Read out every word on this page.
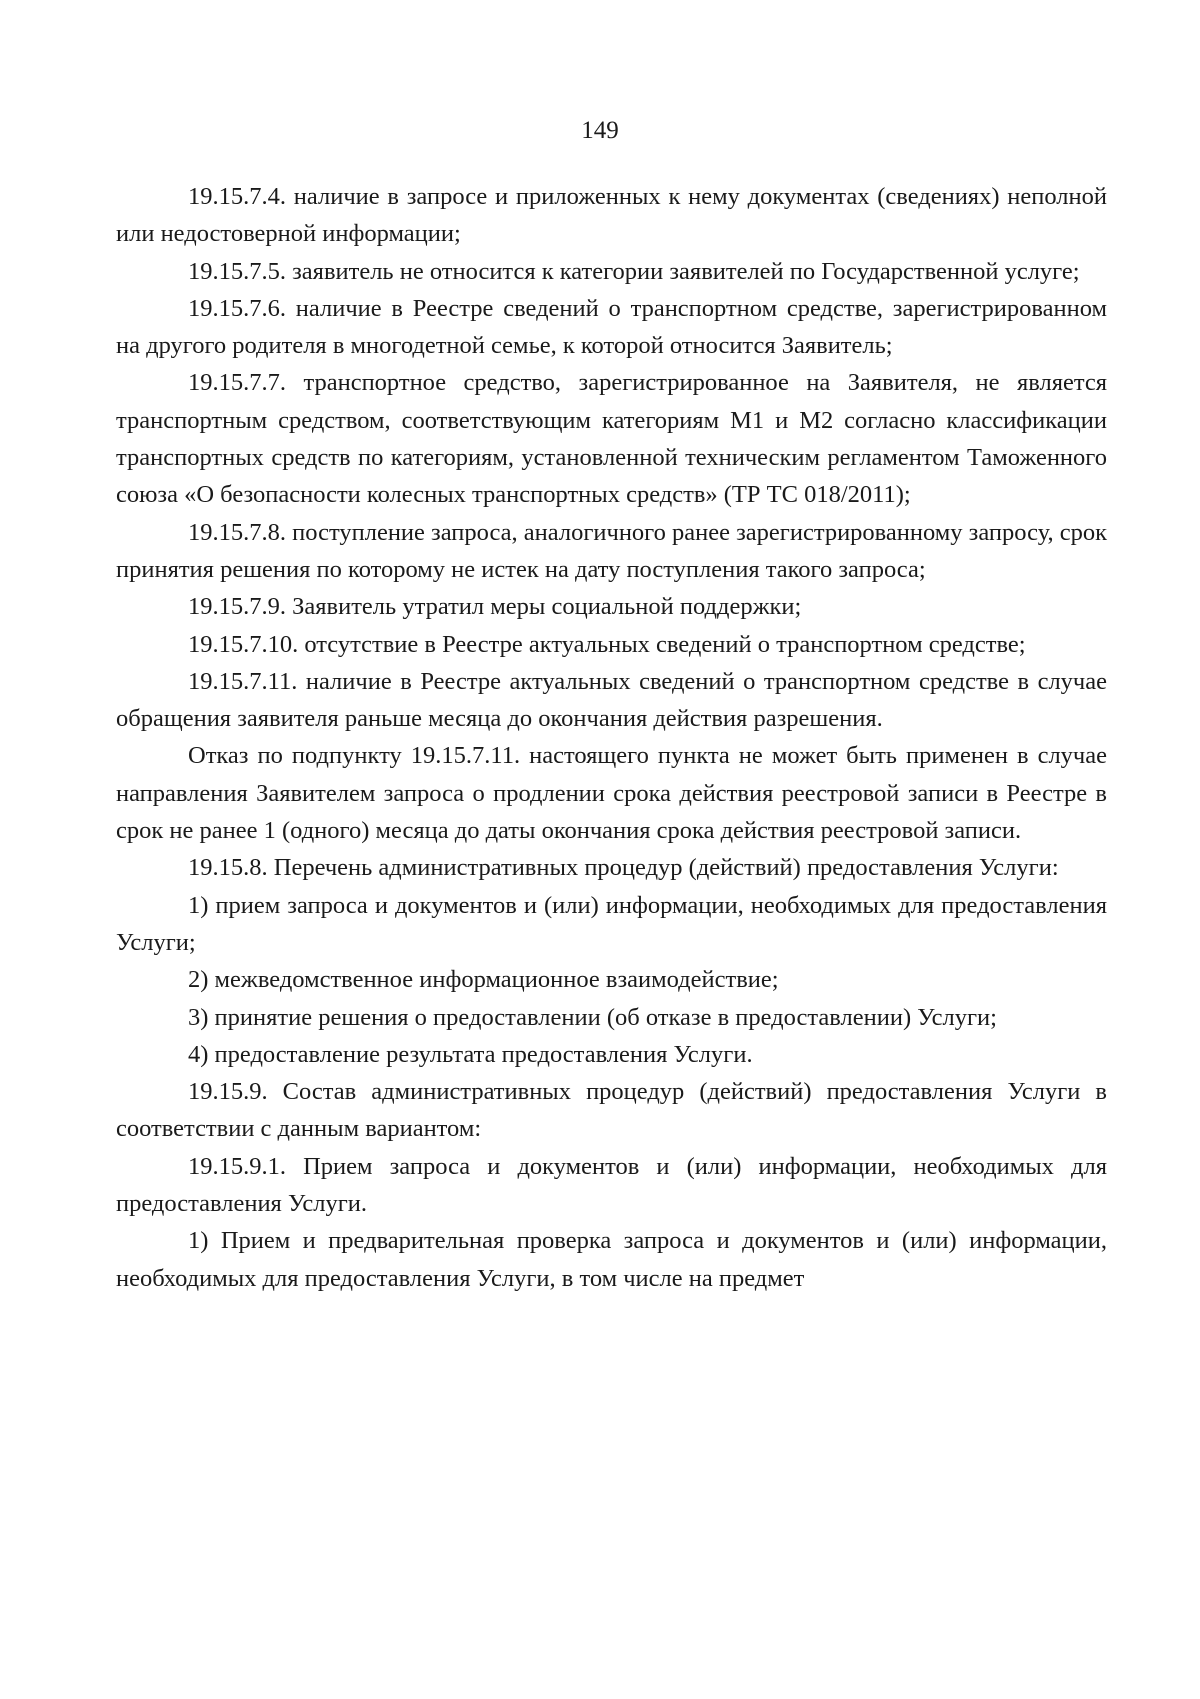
149

19.15.7.4. наличие в запросе и приложенных к нему документах (сведениях) неполной или недостоверной информации;

19.15.7.5. заявитель не относится к категории заявителей по Государственной услуге;

19.15.7.6. наличие в Реестре сведений о транспортном средстве, зарегистрированном на другого родителя в многодетной семье, к которой относится Заявитель;

19.15.7.7. транспортное средство, зарегистрированное на Заявителя, не является транспортным средством, соответствующим категориям M1 и M2 согласно классификации транспортных средств по категориям, установленной техническим регламентом Таможенного союза «О безопасности колесных транспортных средств» (ТР ТС 018/2011);

19.15.7.8. поступление запроса, аналогичного ранее зарегистрированному запросу, срок принятия решения по которому не истек на дату поступления такого запроса;

19.15.7.9. Заявитель утратил меры социальной поддержки;

19.15.7.10. отсутствие в Реестре актуальных сведений о транспортном средстве;

19.15.7.11. наличие в Реестре актуальных сведений о транспортном средстве в случае обращения заявителя раньше месяца до окончания действия разрешения.

Отказ по подпункту 19.15.7.11. настоящего пункта не может быть применен в случае направления Заявителем запроса о продлении срока действия реестровой записи в Реестре в срок не ранее 1 (одного) месяца до даты окончания срока действия реестровой записи.

19.15.8. Перечень административных процедур (действий) предоставления Услуги:

1) прием запроса и документов и (или) информации, необходимых для предоставления Услуги;

2) межведомственное информационное взаимодействие;

3) принятие решения о предоставлении (об отказе в предоставлении) Услуги;

4) предоставление результата предоставления Услуги.

19.15.9. Состав административных процедур (действий) предоставления Услуги в соответствии с данным вариантом:

19.15.9.1. Прием запроса и документов и (или) информации, необходимых для предоставления Услуги.

1) Прием и предварительная проверка запроса и документов и (или) информации, необходимых для предоставления Услуги, в том числе на предмет
